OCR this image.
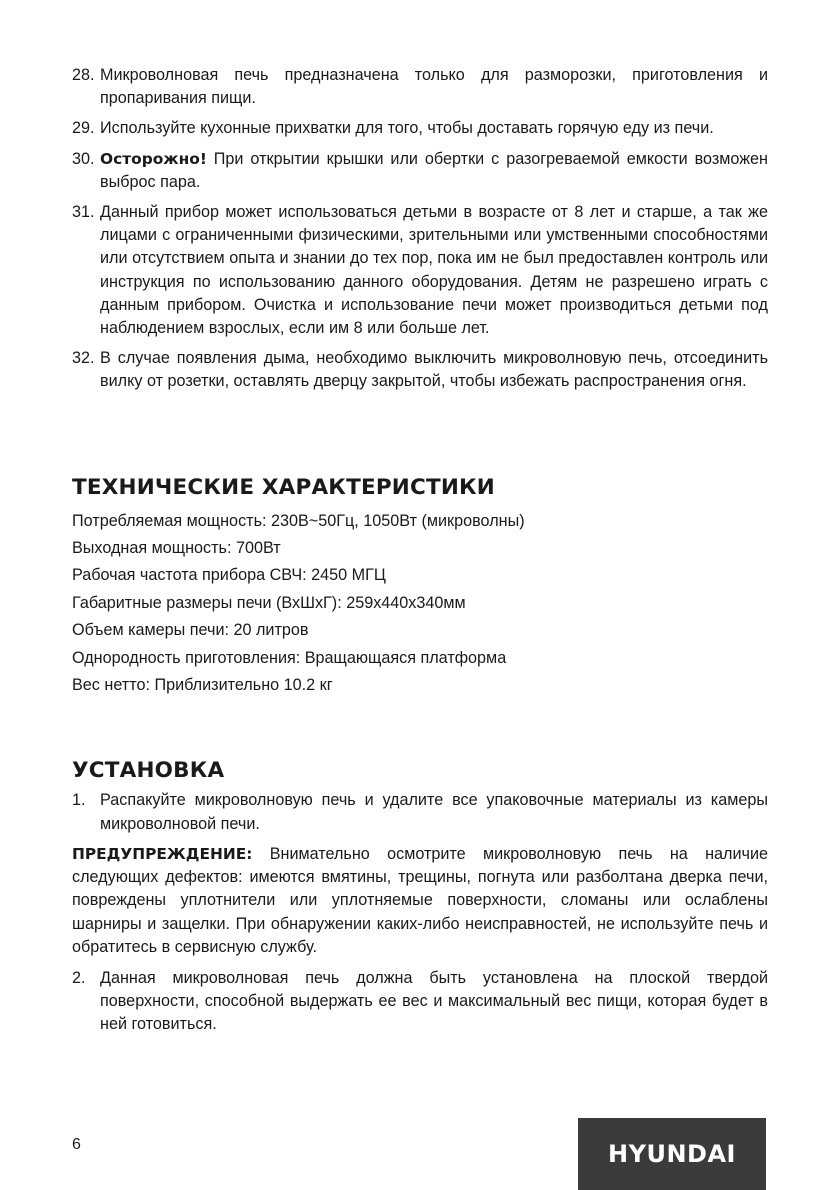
28. Микроволновая печь предназначена только для разморозки, приготовления и пропаривания пищи.
29. Используйте кухонные прихватки для того, чтобы доставать горячую еду из печи.
30. Осторожно! При открытии крышки или обертки с разогреваемой емкости возможен выброс пара.
31. Данный прибор может использоваться детьми в возрасте от 8 лет и старше, а так же лицами с ограниченными физическими, зрительными или умственными способностями или отсутствием опыта и знании до тех пор, пока им не был предоставлен контроль или инструкция по использованию данного оборудования. Детям не разрешено играть с данным прибором. Очистка и использование печи может производиться детьми под наблюдением взрослых, если им 8 или больше лет.
32. В случае появления дыма, необходимо выключить микроволновую печь, отсоединить вилку от розетки, оставлять дверцу закрытой, чтобы избежать распространения огня.
ТЕХНИЧЕСКИЕ ХАРАКТЕРИСТИКИ

Потребляемая мощность: 230В~50Гц, 1050Вт (микроволны)

Выходная мощность: 700Вт

Рабочая частота прибора СВЧ: 2450 МГЦ

Габаритные размеры печи (ВхШхГ): 259x440x340мм

Объем камеры печи: 20 литров

Однородность приготовления: Вращающаяся платформа

Вес нетто: Приблизительно 10.2 кг

УСТАНОВКА
1. Распакуйте микроволновую печь и удалите все упаковочные материалы из камеры микроволновой печи.

ПРЕДУПРЕЖДЕНИЕ: Внимательно осмотрите микроволновую печь на наличие следующих дефектов: имеются вмятины, трещины, погнута или разболтана дверка печи, повреждены уплотнители или уплотняемые поверхности, сломаны или ослаблены шарниры и защелки. При обнаружении каких-либо неисправностей, не используйте печь и обратитесь в сервисную службу.

2. Данная микроволновая печь должна быть установлена на плоской твердой поверхности, способной выдержать ее вес и максимальный вес пищи, которая будет в ней готовиться.
6	HYUNDAI
